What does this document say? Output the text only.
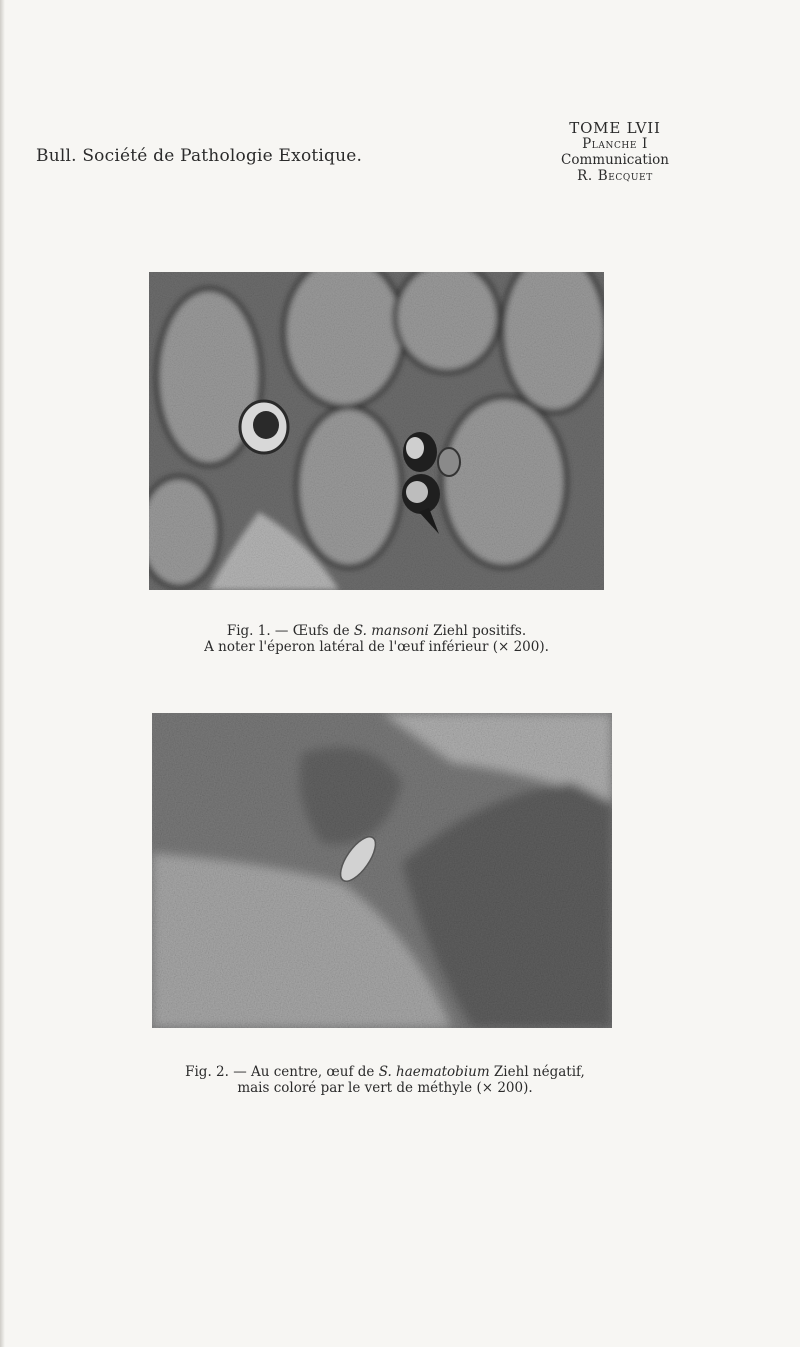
Bull. Société de Pathologie Exotique.
TOME LVII
Planche I
Communication
R. Becquet
Fig. 1. — Œufs de S. mansoni Ziehl positifs.
A noter l'éperon latéral de l'œuf inférieur (× 200).
Fig. 2. — Au centre, œuf de S. haematobium Ziehl négatif,
mais coloré par le vert de méthyle (× 200).
